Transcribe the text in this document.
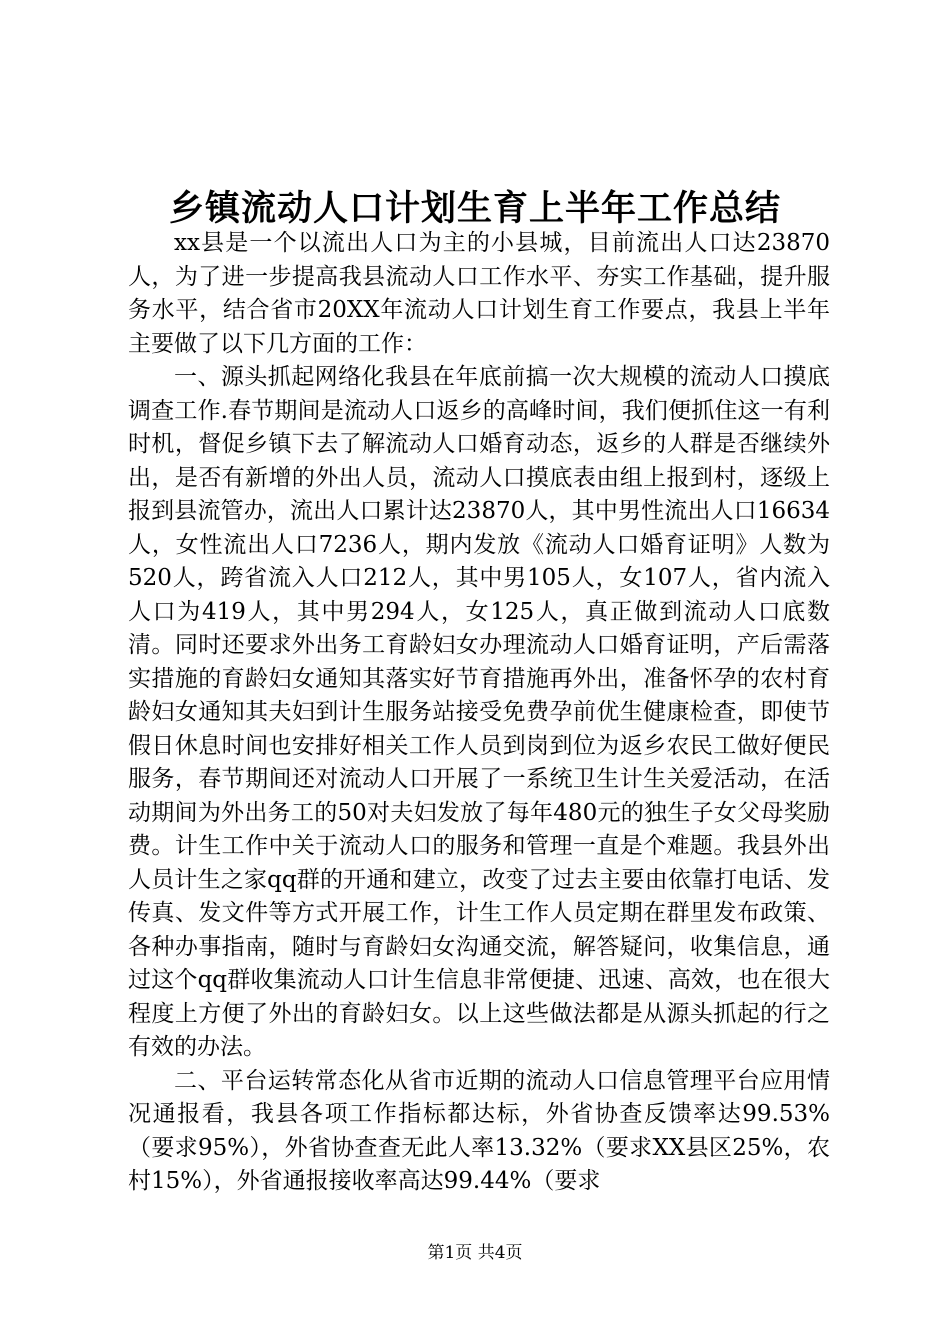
乡镇流动人口计划生育上半年工作总结

xx县是一个以流出人口为主的小县城，目前流出人口达23870人，为了进一步提高我县流动人口工作水平、夯实工作基础，提升服务水平，结合省市20XX年流动人口计划生育工作要点，我县上半年主要做了以下几方面的工作：

一、源头抓起网络化我县在年底前搞一次大规模的流动人口摸底调查工作.春节期间是流动人口返乡的高峰时间，我们便抓住这一有利时机，督促乡镇下去了解流动人口婚育动态，返乡的人群是否继续外出，是否有新增的外出人员，流动人口摸底表由组上报到村，逐级上报到县流管办，流出人口累计达23870人，其中男性流出人口16634人，女性流出人口7236人，期内发放《流动人口婚育证明》人数为520人，跨省流入人口212人，其中男105人，女107人，省内流入人口为419人，其中男294人，女125人，真正做到流动人口底数清。同时还要求外出务工育龄妇女办理流动人口婚育证明，产后需落实措施的育龄妇女通知其落实好节育措施再外出，准备怀孕的农村育龄妇女通知其夫妇到计生服务站接受免费孕前优生健康检查，即使节假日休息时间也安排好相关工作人员到岗到位为返乡农民工做好便民服务，春节期间还对流动人口开展了一系统卫生计生关爱活动，在活动期间为外出务工的50对夫妇发放了每年480元的独生子女父母奖励费。计生工作中关于流动人口的服务和管理一直是个难题。我县外出人员计生之家qq群的开通和建立，改变了过去主要由依靠打电话、发传真、发文件等方式开展工作，计生工作人员定期在群里发布政策、各种办事指南，随时与育龄妇女沟通交流，解答疑问，收集信息，通过这个qq群收集流动人口计生信息非常便捷、迅速、高效，也在很大程度上方便了外出的育龄妇女。以上这些做法都是从源头抓起的行之有效的办法。

二、平台运转常态化从省市近期的流动人口信息管理平台应用情况通报看，我县各项工作指标都达标，外省协查反馈率达99.53%（要求95%），外省协查查无此人率13.32%（要求XX县区25%，农村15%），外省通报接收率高达99.44%（要求

第1页 共4页
